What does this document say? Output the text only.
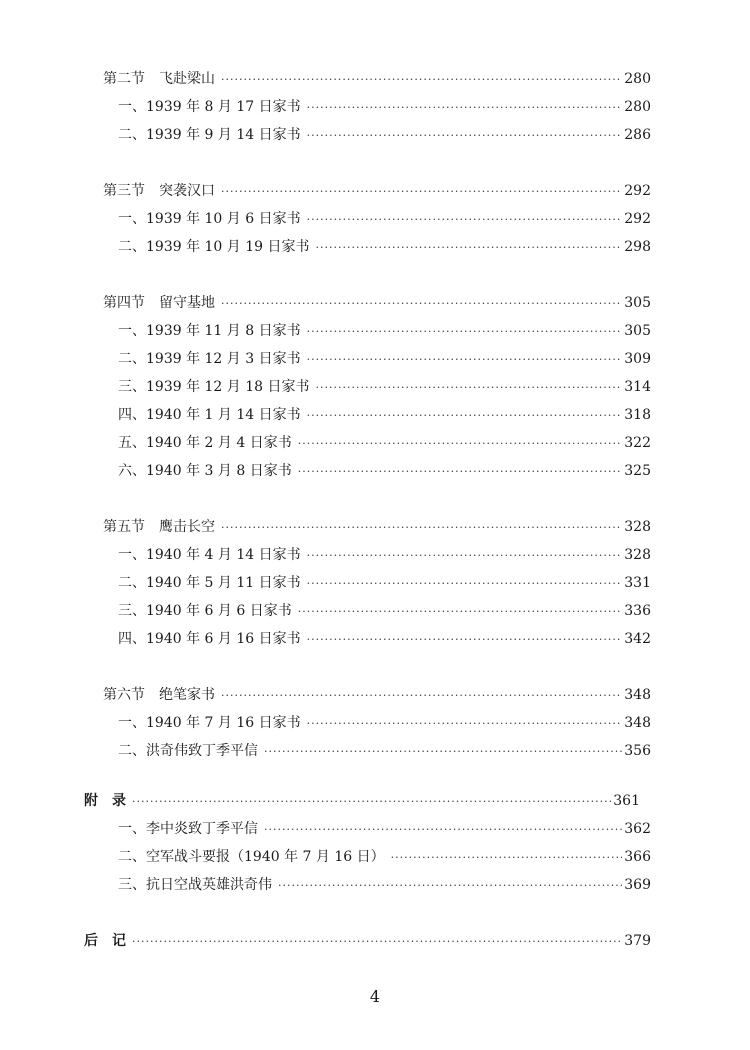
第二节　飞赴梁山 ·····	280
一、1939 年 8 月 17 日家书 ·····	280
二、1939 年 9 月 14 日家书 ·····	286
第三节　突袭汉口 ·····	292
一、1939 年 10 月 6 日家书 ·····	292
二、1939 年 10 月 19 日家书 ·····	298
第四节　留守基地 ·····	305
一、1939 年 11 月 8 日家书 ·····	305
二、1939 年 12 月 3 日家书 ·····	309
三、1939 年 12 月 18 日家书 ·····	314
四、1940 年 1 月 14 日家书 ·····	318
五、1940 年 2 月 4 日家书 ·····	322
六、1940 年 3 月 8 日家书 ·····	325
第五节　鹰击长空 ·····	328
一、1940 年 4 月 14 日家书 ·····	328
二、1940 年 5 月 11 日家书 ·····	331
三、1940 年 6 月 6 日家书 ·····	336
四、1940 年 6 月 16 日家书 ·····	342
第六节　绝笔家书 ·····	348
一、1940 年 7 月 16 日家书 ·····	348
二、洪奇伟致丁季平信 ·····	356
附　录 ·····	361
一、李中炎致丁季平信 ·····	362
二、空军战斗要报（1940 年 7 月 16 日） ·····	366
三、抗日空战英雄洪奇伟 ·····	369
后　记 ·····	379
4
